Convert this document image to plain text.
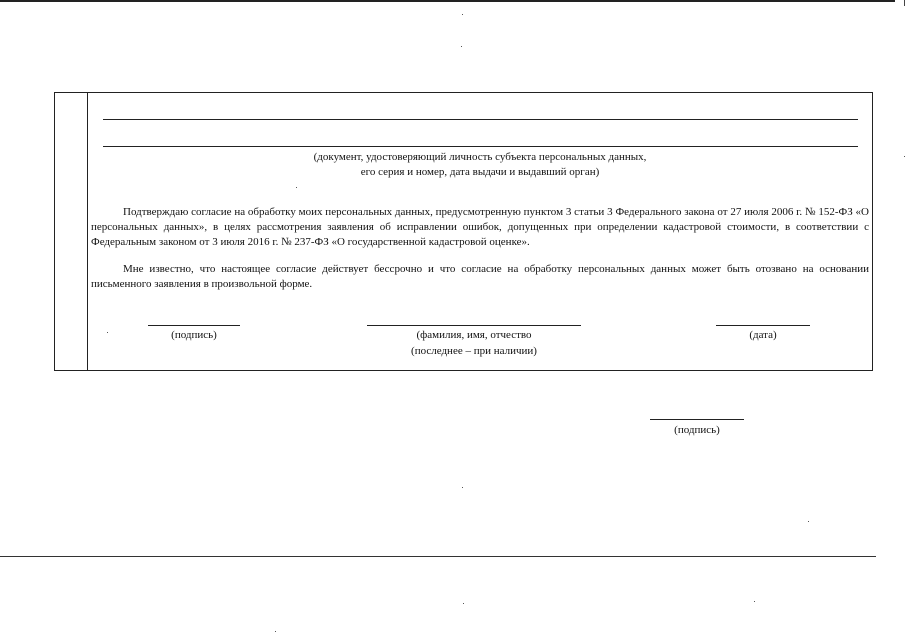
(документ, удостоверяющий личность субъекта персональных данных,
его серия и номер, дата выдачи и выдавший орган)
Подтверждаю согласие на обработку моих персональных данных, предусмотренную пунктом 3 статьи 3 Федерального закона от 27 июля 2006 г. № 152-ФЗ «О персональных данных», в целях рассмотрения заявления об исправлении ошибок, допущенных при определении кадастровой стоимости, в соответствии с Федеральным законом от 3 июля 2016 г. № 237-ФЗ «О государственной кадастровой оценке».
Мне известно, что настоящее согласие действует бессрочно и что согласие на обработку персональных данных может быть отозвано на основании письменного заявления в произвольной форме.
(подпись)	(фамилия, имя, отчество
(последнее – при наличии)
(дата)
(подпись)
